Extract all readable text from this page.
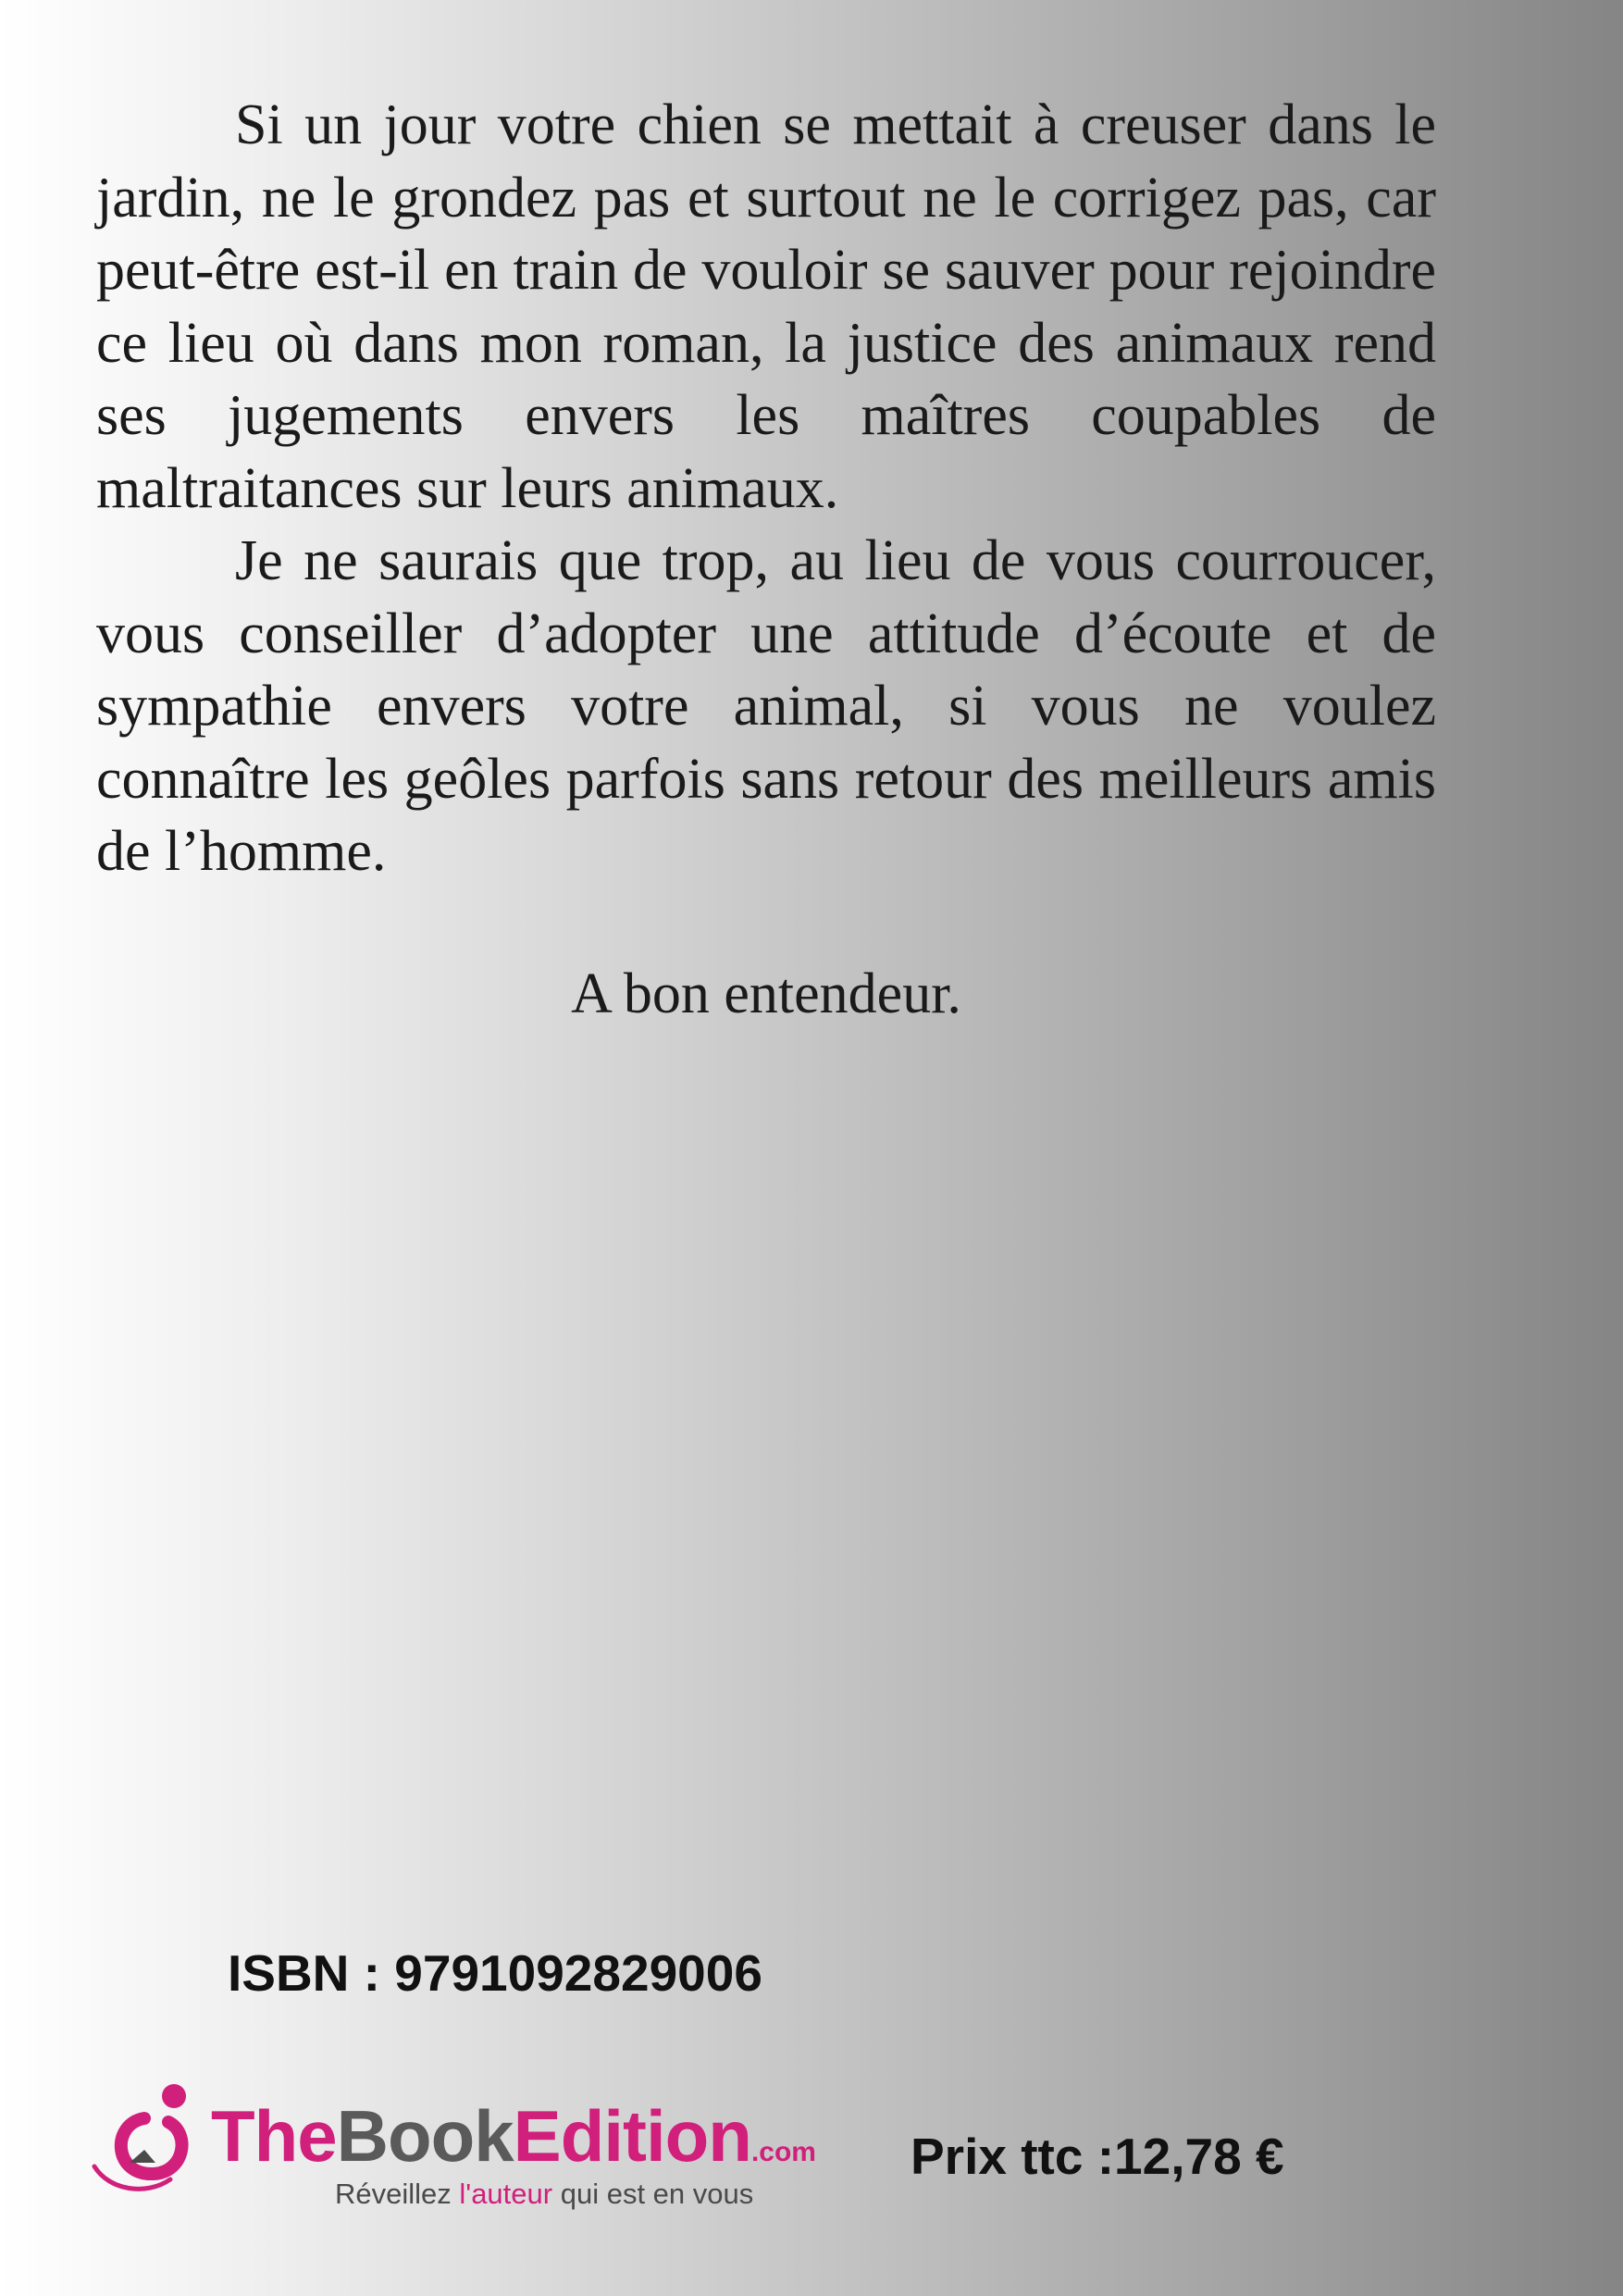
Si un jour votre chien se mettait à creuser dans le jardin, ne le grondez pas et surtout ne le corrigez pas, car peut-être est-il en train de vouloir se sauver pour rejoindre ce lieu où dans mon roman, la justice des animaux rend ses jugements envers les maîtres coupables de maltraitances sur leurs animaux.

Je ne saurais que trop, au lieu de vous courroucer, vous conseiller d’adopter une attitude d’écoute et de sympathie envers votre animal, si vous ne voulez connaître les geôles parfois sans retour des meilleurs amis de l’homme.

A bon entendeur.

ISBN : 9791092829006
TheBookEdition.com
Réveillez l'auteur qui est en vous
Prix ttc :12,78 €
